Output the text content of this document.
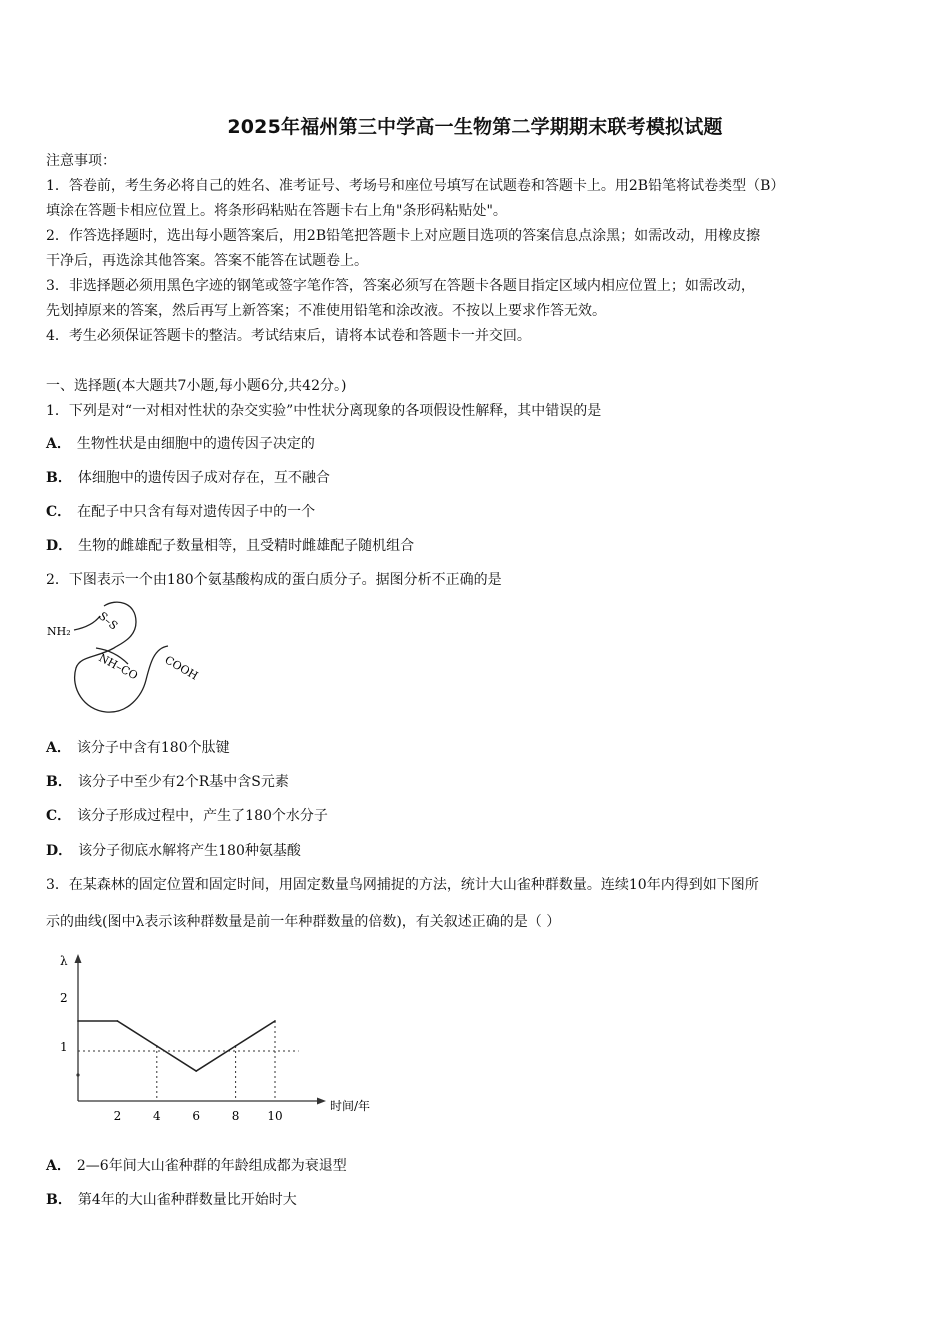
2025年福州第三中学高一生物第二学期期末联考模拟试题
注意事项：
1．答卷前，考生务必将自己的姓名、准考证号、考场号和座位号填写在试题卷和答题卡上。用2B铅笔将试卷类型（B）
填涂在答题卡相应位置上。将条形码粘贴在答题卡右上角"条形码粘贴处"。
2．作答选择题时，选出每小题答案后，用2B铅笔把答题卡上对应题目选项的答案信息点涂黑；如需改动，用橡皮擦
干净后，再选涂其他答案。答案不能答在试题卷上。
3．非选择题必须用黑色字迹的钢笔或签字笔作答，答案必须写在答题卡各题目指定区域内相应位置上；如需改动，
先划掉原来的答案，然后再写上新答案；不准使用铅笔和涂改液。不按以上要求作答无效。
4．考生必须保证答题卡的整洁。考试结束后，请将本试卷和答题卡一并交回。
一、选择题(本大题共7小题,每小题6分,共42分。)
1．下列是对“一对相对性状的杂交实验”中性状分离现象的各项假设性解释，其中错误的是
A． 生物性状是由细胞中的遗传因子决定的
B． 体细胞中的遗传因子成对存在，互不融合
C． 在配子中只含有每对遗传因子中的一个
D． 生物的雌雄配子数量相等，且受精时雌雄配子随机组合
2．下图表示一个由180个氨基酸构成的蛋白质分子。据图分析不正确的是
NH₂ S–S
NH–CO COOH
A． 该分子中含有180个肽键
B． 该分子中至少有2个R基中含S元素
C． 该分子形成过程中，产生了180个水分子
D． 该分子彻底水解将产生180种氨基酸
3．在某森林的固定位置和固定时间，用固定数量鸟网捕捉的方法，统计大山雀种群数量。连续10年内得到如下图所
示的曲线(图中λ表示该种群数量是前一年种群数量的倍数)，有关叙述正确的是（ ）
λ
时间/年
2
1
2	4	6	8 10
A． 2—6年间大山雀种群的年龄组成都为衰退型
B． 第4年的大山雀种群数量比开始时大
